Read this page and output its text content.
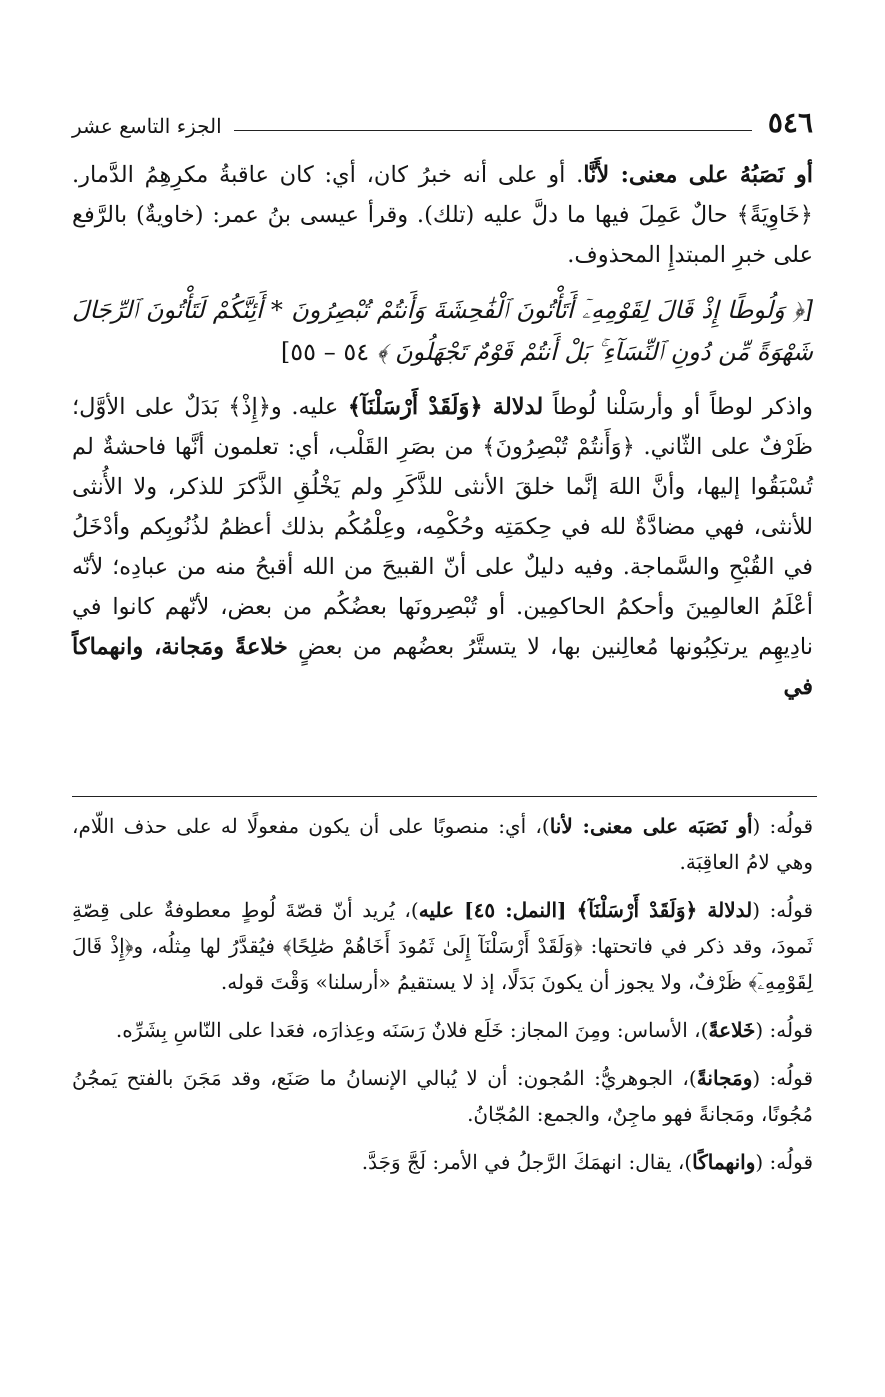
٥٤٦
الجزء التاسع عشر

أو نَصَبُهُ على معنى: لأَنَّا. أو على أنه خبرُ كان، أي: كان عاقبةُ مكرِهِمُ الدَّمار. ﴿خَاوِيَةً﴾ حالٌ عَمِلَ فيها ما دلَّ عليه (تلك). وقرأ عيسى بنُ عمر: (خاويةٌ) بالرَّفع على خبرِ المبتدإِ المحذوف.

[﴿ وَلُوطًا إِذْ قَالَ لِقَوْمِهِۦٓ أَتَأْتُونَ ٱلْفَٰحِشَةَ وَأَنتُمْ تُبْصِرُونَ * أَئِنَّكُمْ لَتَأْتُونَ ٱلرِّجَالَ شَهْوَةً مِّن دُونِ ٱلنِّسَآءِ ۚ بَلْ أَنتُمْ قَوْمٌ تَجْهَلُونَ ﴾ ٥٤ – ٥٥]

واذكر لوطاً أو وأرسَلْنا لُوطاً لدلالة ﴿وَلَقَدْ أَرْسَلْنَآ﴾ عليه. و﴿إِذْ﴾ بَدَلٌ على الأوَّل؛ ظَرْفٌ على الثّاني. ﴿وَأَنتُمْ تُبْصِرُونَ﴾ من بصَرِ القَلْب، أي: تعلمون أنَّها فاحشةٌ لم تُسْبَقُوا إليها، وأنَّ اللهَ إنَّما خلقَ الأنثى للذَّكَرِ ولم يَخْلُقِ الذَّكرَ للذكر، ولا الأُنثى للأنثى، فهي مضادَّةٌ لله في حِكمَتِه وحُكْمِه، وعِلْمُكُم بذلك أعظمُ لذُنُوبِكم وأدْخَلُ في القُبْحِ والسَّماجة. وفيه دليلٌ على أنّ القبيحَ من الله أقبحُ منه من عبادِه؛ لأنّه أعْلَمُ العالمِينَ وأحكمُ الحاكمِين. أو تُبْصِرونَها بعضُكُم من بعض، لأنّهم كانوا في نادِيهِم يرتكِبُونها مُعالِنين بها، لا يتستَّرُ بعضُهم من بعضٍ خلاعةً ومَجانة، وانهماكاً في

قولُه: (أو نَصَبَه على معنى: لأنا)، أي: منصوبًا على أن يكون مفعولًا له على حذف اللّام، وهي لامُ العاقِبَة.

قولُه: (لدلالة ﴿وَلَقَدْ أَرْسَلْنَآ﴾ [النمل: ٤٥] عليه)، يُريد أنّ قصّةَ لُوطٍ معطوفةٌ على قِصّةِ ثَمودَ، وقد ذكر في فاتحتها: ﴿وَلَقَدْ أَرْسَلْنَآ إِلَىٰ ثَمُودَ أَخَاهُمْ صَٰلِحًا﴾ فيُقدَّرُ لها مِثلُه، و﴿إِذْ قَالَ لِقَوْمِهِۦٓ﴾ ظَرْفٌ، ولا يجوز أن يكونَ بَدَلًا، إذ لا يستقيمُ «أرسلنا» وَقْتَ قوله.

قولُه: (خَلاعةً)، الأساس: ومِنَ المجاز: خَلَع فلانٌ رَسَنَه وعِذارَه، فعَدا على النّاسِ بِشَرِّه.

قولُه: (ومَجانةً)، الجوهريُّ: المُجون: أن لا يُبالي الإنسانُ ما صَنَع، وقد مَجَنَ بالفتح يَمجُنُ مُجُونًا، ومَجانةً فهو ماجِنٌ، والجمع: المُجّانُ.

قولُه: (وانهماكًا)، يقال: انهمَكَ الرَّجلُ في الأمر: لَجَّ وَجَدَّ.
